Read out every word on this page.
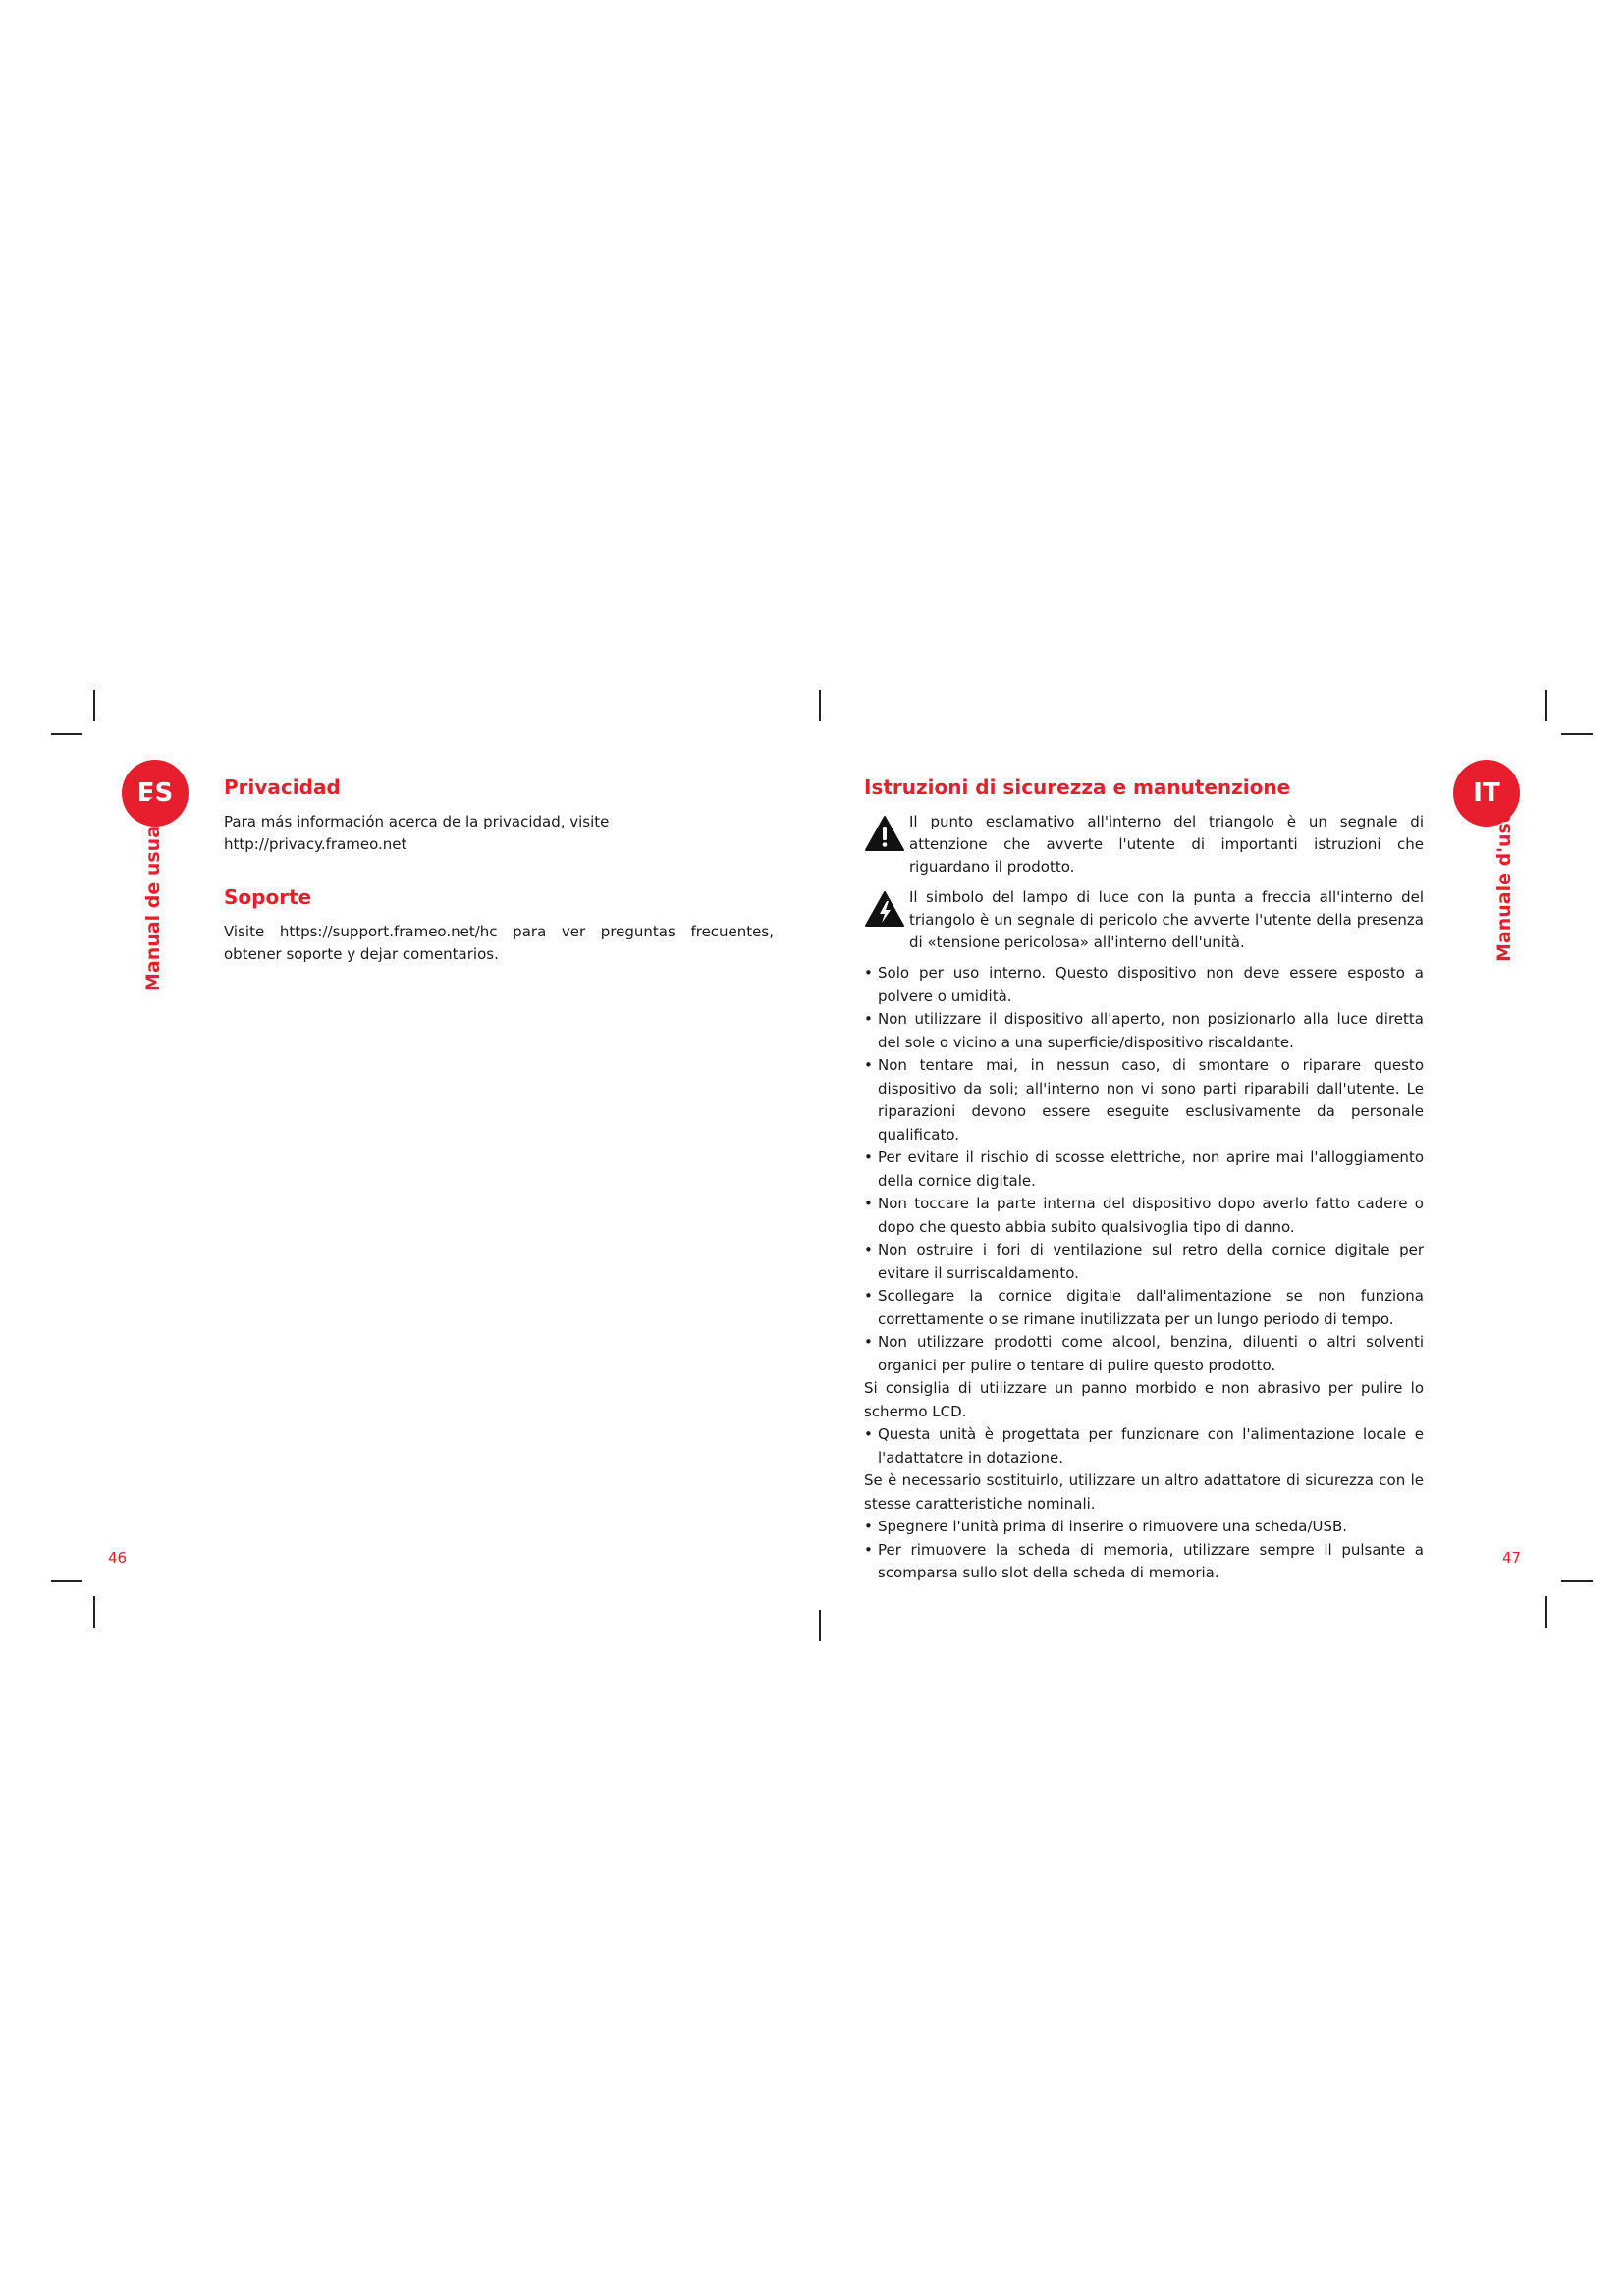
ES
Manual de usuario
Privacidad

Para más información acerca de la privacidad, visite http://privacy.frameo.net

Soporte

Visite https://support.frameo.net/hc para ver preguntas frecuentes, obtener soporte y dejar comentarios.

46
IT
Manuale d'uso
Istruzioni di sicurezza e manutenzione

Il punto esclamativo all'interno del triangolo è un segnale di attenzione che avverte l'utente di importanti istruzioni che riguardano il prodotto.

Il simbolo del lampo di luce con la punta a freccia all'interno del triangolo è un segnale di pericolo che avverte l'utente della presenza di «tensione pericolosa» all'interno dell'unità.

• Solo per uso interno. Questo dispositivo non deve essere esposto a polvere o umidità.
• Non utilizzare il dispositivo all'aperto, non posizionarlo alla luce diretta del sole o vicino a una superficie/dispositivo riscaldante.
• Non tentare mai, in nessun caso, di smontare o riparare questo dispositivo da soli; all'interno non vi sono parti riparabili dall'utente. Le riparazioni devono essere eseguite esclusivamente da personale qualificato.
• Per evitare il rischio di scosse elettriche, non aprire mai l'alloggiamento della cornice digitale.
• Non toccare la parte interna del dispositivo dopo averlo fatto cadere o dopo che questo abbia subito qualsivoglia tipo di danno.
• Non ostruire i fori di ventilazione sul retro della cornice digitale per evitare il surriscaldamento.
• Scollegare la cornice digitale dall'alimentazione se non funziona correttamente o se rimane inutilizzata per un lungo periodo di tempo.
• Non utilizzare prodotti come alcool, benzina, diluenti o altri solventi organici per pulire o tentare di pulire questo prodotto.
Si consiglia di utilizzare un panno morbido e non abrasivo per pulire lo schermo LCD.
• Questa unità è progettata per funzionare con l'alimentazione locale e l'adattatore in dotazione.
Se è necessario sostituirlo, utilizzare un altro adattatore di sicurezza con le stesse caratteristiche nominali.
• Spegnere l'unità prima di inserire o rimuovere una scheda/USB.
• Per rimuovere la scheda di memoria, utilizzare sempre il pulsante a scomparsa sullo slot della scheda di memoria.
47
